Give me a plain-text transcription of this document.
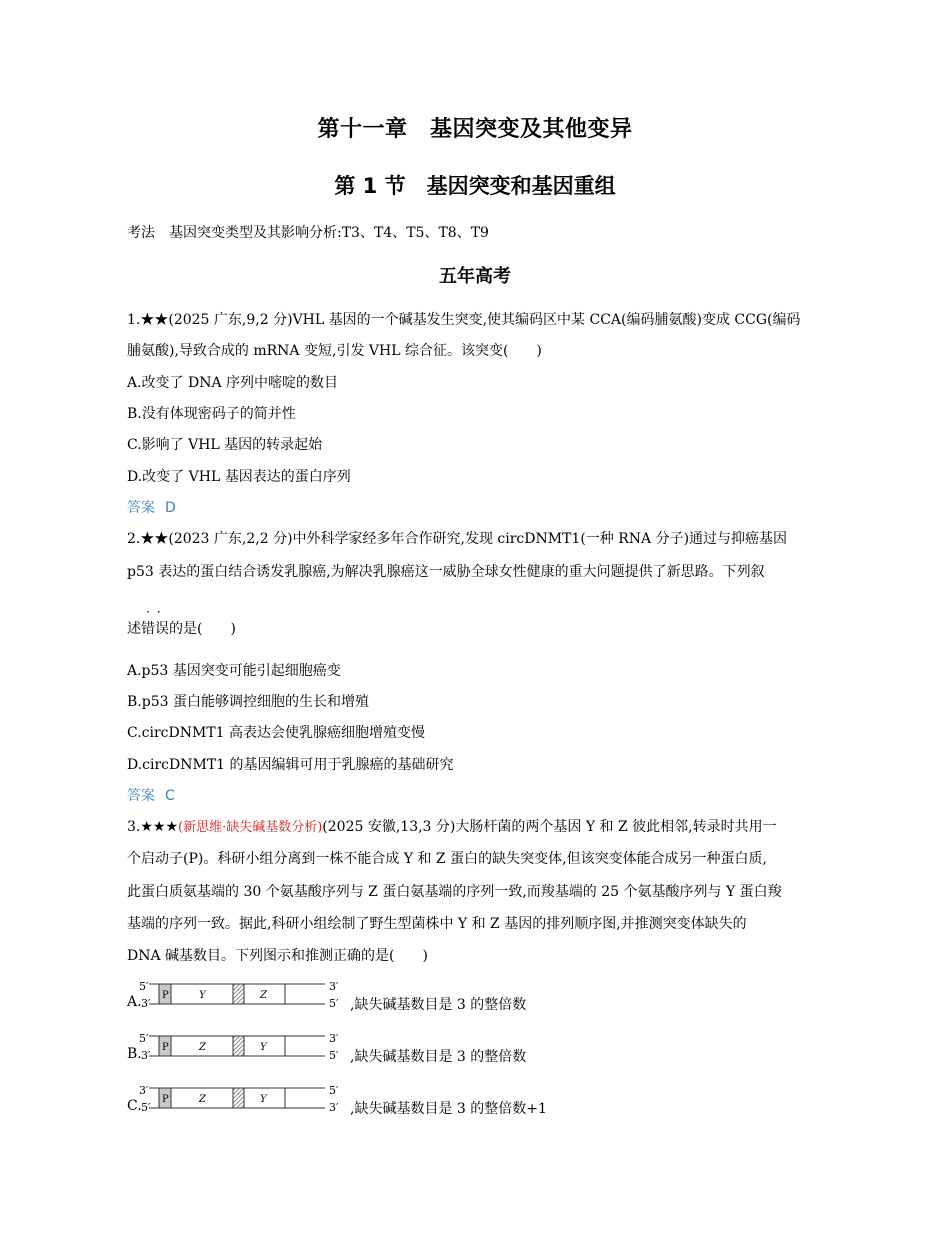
第十一章　基因突变及其他变异
第 1 节　基因突变和基因重组
考法　基因突变类型及其影响分析:T3、T4、T5、T8、T9
五年高考
1.★★(2025 广东,9,2 分)VHL 基因的一个碱基发生突变,使其编码区中某 CCA(编码脯氨酸)变成 CCG(编码
脯氨酸),导致合成的 mRNA 变短,引发 VHL 综合征。该突变(　　)
A.改变了 DNA 序列中嘧啶的数目
B.没有体现密码子的简并性
C.影响了 VHL 基因的转录起始
D.改变了 VHL 基因表达的蛋白序列
答案 D
2.★★(2023 广东,2,2 分)中外科学家经多年合作研究,发现 circDNMT1(一种 RNA 分子)通过与抑癌基因
p53 表达的蛋白结合诱发乳腺癌,为解决乳腺癌这一威胁全球女性健康的重大问题提供了新思路。下列叙
··
述错误的是(　　)
A.p53 基因突变可能引起细胞癌变
B.p53 蛋白能够调控细胞的生长和增殖
C.circDNMT1 高表达会使乳腺癌细胞增殖变慢
D.circDNMT1 的基因编辑可用于乳腺癌的基础研究
答案 C
3.★★★(新思维·缺失碱基数分析)(2025 安徽,13,3 分)大肠杆菌的两个基因 Y 和 Z 彼此相邻,转录时共用一
个启动子(P)。科研小组分离到一株不能合成 Y 和 Z 蛋白的缺失突变体,但该突变体能合成另一种蛋白质,
此蛋白质氨基端的 30 个氨基酸序列与 Z 蛋白氨基端的序列一致,而羧基端的 25 个氨基酸序列与 Y 蛋白羧
基端的序列一致。据此,科研小组绘制了野生型菌株中 Y 和 Z 基因的排列顺序图,并推测突变体缺失的
DNA 碱基数目。下列图示和推测正确的是(　　)
A.
5′
3′
3′
5′
P	Y	Z
,缺失碱基数目是 3 的整倍数
B.
5′
3′
3′
5′
P	Z	Y
,缺失碱基数目是 3 的整倍数
C.
3′
5′
5′
3′
P	Z	Y
,缺失碱基数目是 3 的整倍数+1
